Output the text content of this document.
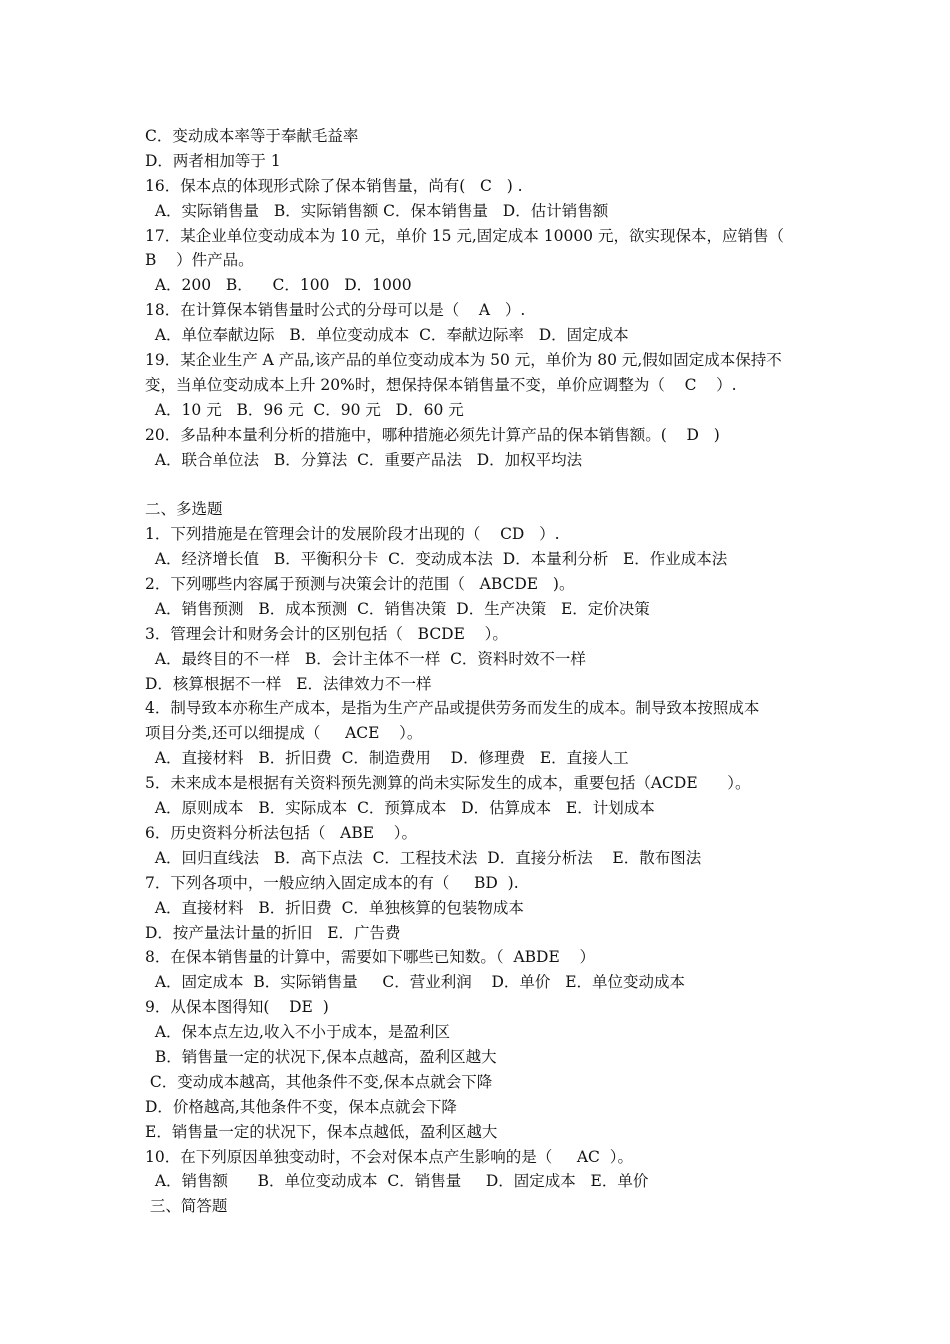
C．变动成本率等于奉献毛益率
D．两者相加等于 1
16．保本点的体现形式除了保本销售量，尚有(   C   ) .
A．实际销售量   B．实际销售额 C．保本销售量   D．估计销售额
17．某企业单位变动成本为 10 元，单价 15 元,固定成本 10000 元，欲实现保本，应销售（
B    ）件产品。
A．200   B．    C．100   D．1000
18．在计算保本销售量时公式的分母可以是（    A   ）.
A．单位奉献边际   B．单位变动成本  C．奉献边际率   D．固定成本
19．某企业生产 A 产品,该产品的单位变动成本为 50 元，单价为 80 元,假如固定成本保持不
变，当单位变动成本上升 20%时，想保持保本销售量不变，单价应调整为（    C    ）.
A．10 元   B．96 元  C．90 元   D．60 元
20．多品种本量利分析的措施中，哪种措施必须先计算产品的保本销售额。(    D   )
A．联合单位法   B．分算法  C．重要产品法   D．加权平均法
二、多选题
1．下列措施是在管理会计的发展阶段才出现的（    CD   ）.
A．经济增长值   B．平衡积分卡  C．变动成本法  D．本量利分析   E．作业成本法
2．下列哪些内容属于预测与决策会计的范围（   ABCDE   )。
A．销售预测   B．成本预测  C．销售决策  D．生产决策   E．定价决策
3．管理会计和财务会计的区别包括（   BCDE    ）。
A．最终目的不一样   B．会计主体不一样  C．资料时效不一样
D．核算根据不一样   E．法律效力不一样
4．制导致本亦称生产成本，是指为生产产品或提供劳务而发生的成本。制导致本按照成本
项目分类,还可以细提成（     ACE    ）。
A．直接材料   B．折旧费  C．制造费用    D．修理费   E．直接人工
5．未来成本是根据有关资料预先测算的尚未实际发生的成本，重要包括（ACDE      ）。
A．原则成本   B．实际成本  C．预算成本   D．估算成本   E．计划成本
6．历史资料分析法包括（   ABE    ）。
A．回归直线法   B．高下点法  C．工程技术法  D．直接分析法    E．散布图法
7．下列各项中，一般应纳入固定成本的有（     BD  ).
A．直接材料   B．折旧费  C．单独核算的包装物成本
D．按产量法计量的折旧   E．广告费
8．在保本销售量的计算中，需要如下哪些已知数。（  ABDE    ）
A．固定成本  B．实际销售量     C．营业利润    D．单价   E．单位变动成本
9．从保本图得知(    DE  )
A．保本点左边,收入不小于成本，是盈利区
B．销售量一定的状况下,保本点越高，盈利区越大
C．变动成本越高，其他条件不变,保本点就会下降
D．价格越高,其他条件不变，保本点就会下降
E．销售量一定的状况下，保本点越低，盈利区越大
10．在下列原因单独变动时，不会对保本点产生影响的是（     AC  ）。
A．销售额      B．单位变动成本  C．销售量     D．固定成本   E．单价
三、简答题
